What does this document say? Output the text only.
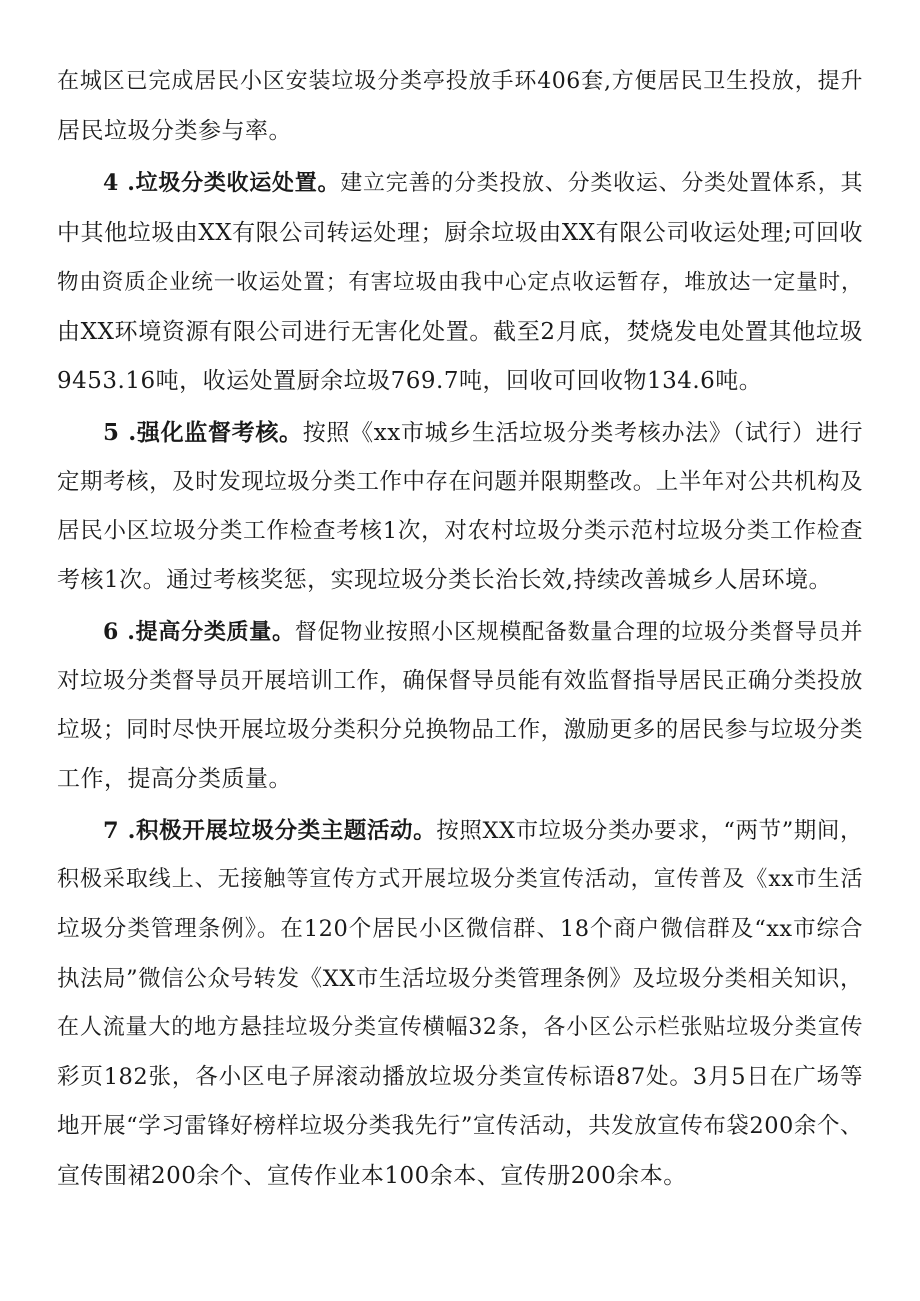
在城区已完成居民小区安装垃圾分类亭投放手环406套,方便居民卫生投放，提升
居民垃圾分类参与率。
4 .垃圾分类收运处置。建立完善的分类投放、分类收运、分类处置体系，其
中其他垃圾由XX有限公司转运处理；厨余垃圾由XX有限公司收运处理;可回收
物由资质企业统一收运处置；有害垃圾由我中心定点收运暂存，堆放达一定量时，
由XX环境资源有限公司进行无害化处置。截至2月底，焚烧发电处置其他垃圾
9453.16吨，收运处置厨余垃圾769.7吨，回收可回收物134.6吨。
5 .强化监督考核。按照《xx市城乡生活垃圾分类考核办法》（试行）进行
定期考核，及时发现垃圾分类工作中存在问题并限期整改。上半年对公共机构及
居民小区垃圾分类工作检查考核1次，对农村垃圾分类示范村垃圾分类工作检查
考核1次。通过考核奖惩，实现垃圾分类长治长效,持续改善城乡人居环境。
6 .提高分类质量。督促物业按照小区规模配备数量合理的垃圾分类督导员并
对垃圾分类督导员开展培训工作，确保督导员能有效监督指导居民正确分类投放
垃圾；同时尽快开展垃圾分类积分兑换物品工作，激励更多的居民参与垃圾分类
工作，提高分类质量。
7 .积极开展垃圾分类主题活动。按照XX市垃圾分类办要求，“两节”期间，
积极采取线上、无接触等宣传方式开展垃圾分类宣传活动，宣传普及《xx市生活
垃圾分类管理条例》。在120个居民小区微信群、18个商户微信群及“xx市综合
执法局”微信公众号转发《XX市生活垃圾分类管理条例》及垃圾分类相关知识，
在人流量大的地方悬挂垃圾分类宣传横幅32条，各小区公示栏张贴垃圾分类宣传
彩页182张，各小区电子屏滚动播放垃圾分类宣传标语87处。3月5日在广场等
地开展“学习雷锋好榜样垃圾分类我先行”宣传活动，共发放宣传布袋200余个、
宣传围裙200余个、宣传作业本100余本、宣传册200余本。
